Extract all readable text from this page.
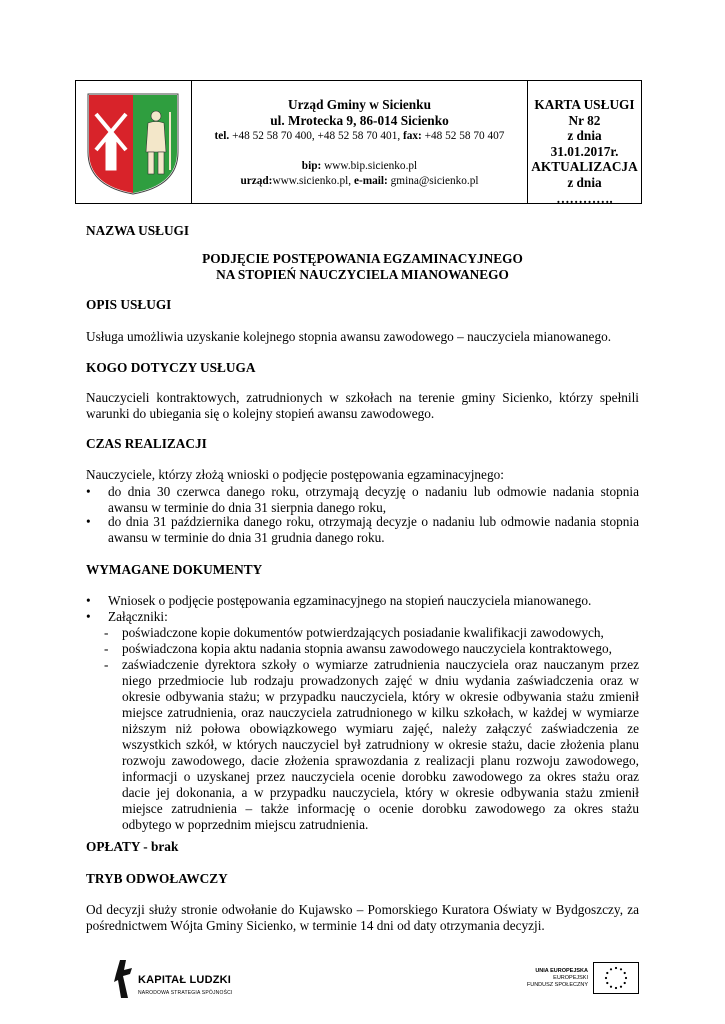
Urząd Gminy w Sicienku
ul. Mrotecka 9, 86-014 Sicienko
tel. +48 52 58 70 400, +48 52 58 70 401, fax: +48 52 58 70 407
bip: www.bip.sicienko.pl
urząd:www.sicienko.pl, e-mail: gmina@sicienko.pl
KARTA USŁUGI
Nr 82
z dnia
31.01.2017r.
AKTUALIZACJA
z dnia
………….
NAZWA USŁUGI
PODJĘCIE POSTĘPOWANIA EGZAMINACYJNEGO
NA STOPIEŃ NAUCZYCIELA MIANOWANEGO
OPIS USŁUGI
Usługa umożliwia uzyskanie kolejnego stopnia awansu zawodowego – nauczyciela mianowanego.
KOGO DOTYCZY USŁUGA
Nauczycieli kontraktowych, zatrudnionych w szkołach na terenie gminy Sicienko, którzy spełnili
warunki do ubiegania się o kolejny stopień awansu zawodowego.
CZAS REALIZACJI
Nauczyciele, którzy złożą wnioski o podjęcie postępowania egzaminacyjnego:
• do dnia 30 czerwca danego roku, otrzymają decyzję o nadaniu lub odmowie nadania stopnia
awansu w terminie do dnia 31 sierpnia danego roku,
• do dnia 31 października danego roku, otrzymają decyzje o nadaniu lub odmowie nadania stopnia
awansu w terminie do dnia 31 grudnia danego roku.
WYMAGANE DOKUMENTY
• Wniosek o podjęcie postępowania egzaminacyjnego na stopień nauczyciela mianowanego.
• Załączniki:
- poświadczone kopie dokumentów potwierdzających posiadanie kwalifikacji zawodowych,
- poświadczona kopia aktu nadania stopnia awansu zawodowego nauczyciela kontraktowego,
- zaświadczenie dyrektora szkoły o wymiarze zatrudnienia nauczyciela oraz nauczanym przez
niego przedmiocie lub rodzaju prowadzonych zajęć w dniu wydania zaświadczenia oraz w
okresie odbywania stażu; w przypadku nauczyciela, który w okresie odbywania stażu zmienił
miejsce zatrudnienia, oraz nauczyciela zatrudnionego w kilku szkołach, w każdej w wymiarze
niższym niż połowa obowiązkowego wymiaru zajęć, należy załączyć zaświadczenia ze
wszystkich szkół, w których nauczyciel był zatrudniony w okresie stażu, dacie złożenia planu
rozwoju zawodowego, dacie złożenia sprawozdania z realizacji planu rozwoju zawodowego,
informacji o uzyskanej przez nauczyciela ocenie dorobku zawodowego za okres stażu oraz
dacie jej dokonania, a w przypadku nauczyciela, który w okresie odbywania stażu zmienił
miejsce zatrudnienia – także informację o ocenie dorobku zawodowego za okres stażu
odbytego w poprzednim miejscu zatrudnienia.
OPŁATY - brak
TRYB ODWOŁAWCZY
Od decyzji służy stronie odwołanie do Kujawsko – Pomorskiego Kuratora Oświaty w Bydgoszczy, za
pośrednictwem Wójta Gminy Sicienko, w terminie 14 dni od daty otrzymania decyzji.
KAPITAŁ LUDZKI
NARODOWA STRATEGIA SPÓJNOŚCI
UNIA EUROPEJSKA
EUROPEJSKI
FUNDUSZ SPOŁECZNY
